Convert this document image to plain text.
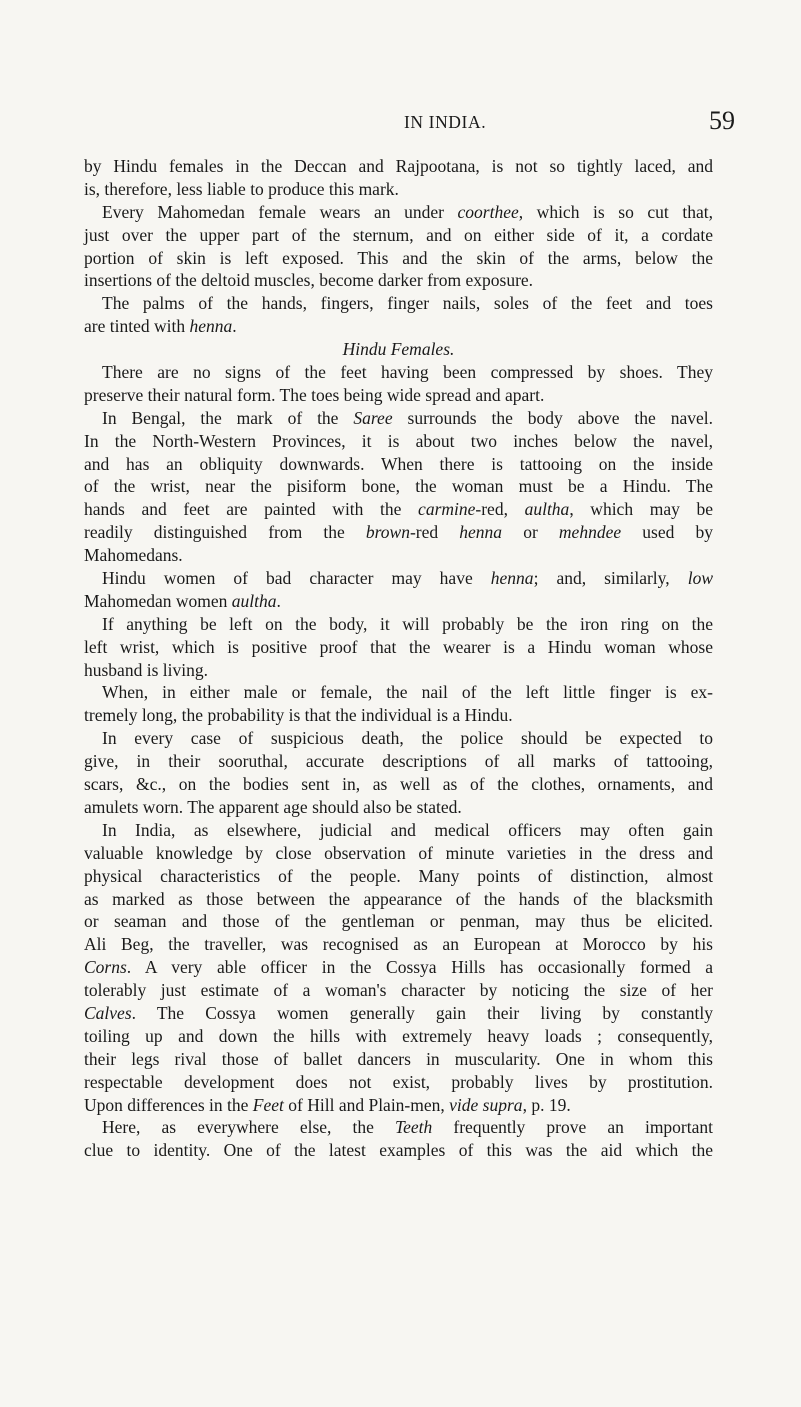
IN INDIA.	59
by Hindu females in the Deccan and Rajpootana, is not so tightly laced, and
is, therefore, less liable to produce this mark.
Every Mahomedan female wears an under coorthee, which is so cut that,
just over the upper part of the sternum, and on either side of it, a cordate
portion of skin is left exposed. This and the skin of the arms, below the
insertions of the deltoid muscles, become darker from exposure.
The palms of the hands, fingers, finger nails, soles of the feet and toes
are tinted with henna.
Hindu Females.
There are no signs of the feet having been compressed by shoes. They
preserve their natural form. The toes being wide spread and apart.
In Bengal, the mark of the Saree surrounds the body above the navel.
In the North-Western Provinces, it is about two inches below the navel,
and has an obliquity downwards. When there is tattooing on the inside
of the wrist, near the pisiform bone, the woman must be a Hindu. The
hands and feet are painted with the carmine-red, aultha, which may be
readily distinguished from the brown-red henna or mehndee used by
Mahomedans.
Hindu women of bad character may have henna; and, similarly, low
Mahomedan women aultha.
If anything be left on the body, it will probably be the iron ring on the
left wrist, which is positive proof that the wearer is a Hindu woman whose
husband is living.
When, in either male or female, the nail of the left little finger is ex-
tremely long, the probability is that the individual is a Hindu.
In every case of suspicious death, the police should be expected to
give, in their sooruthal, accurate descriptions of all marks of tattooing,
scars, &c., on the bodies sent in, as well as of the clothes, ornaments, and
amulets worn. The apparent age should also be stated.
In India, as elsewhere, judicial and medical officers may often gain
valuable knowledge by close observation of minute varieties in the dress and
physical characteristics of the people. Many points of distinction, almost
as marked as those between the appearance of the hands of the blacksmith
or seaman and those of the gentleman or penman, may thus be elicited.
Ali Beg, the traveller, was recognised as an European at Morocco by his
Corns. A very able officer in the Cossya Hills has occasionally formed a
tolerably just estimate of a woman's character by noticing the size of her
Calves. The Cossya women generally gain their living by constantly
toiling up and down the hills with extremely heavy loads ; consequently,
their legs rival those of ballet dancers in muscularity. One in whom this
respectable development does not exist, probably lives by prostitution.
Upon differences in the Feet of Hill and Plain-men, vide supra, p. 19.
Here, as everywhere else, the Teeth frequently prove an important
clue to identity. One of the latest examples of this was the aid which the
